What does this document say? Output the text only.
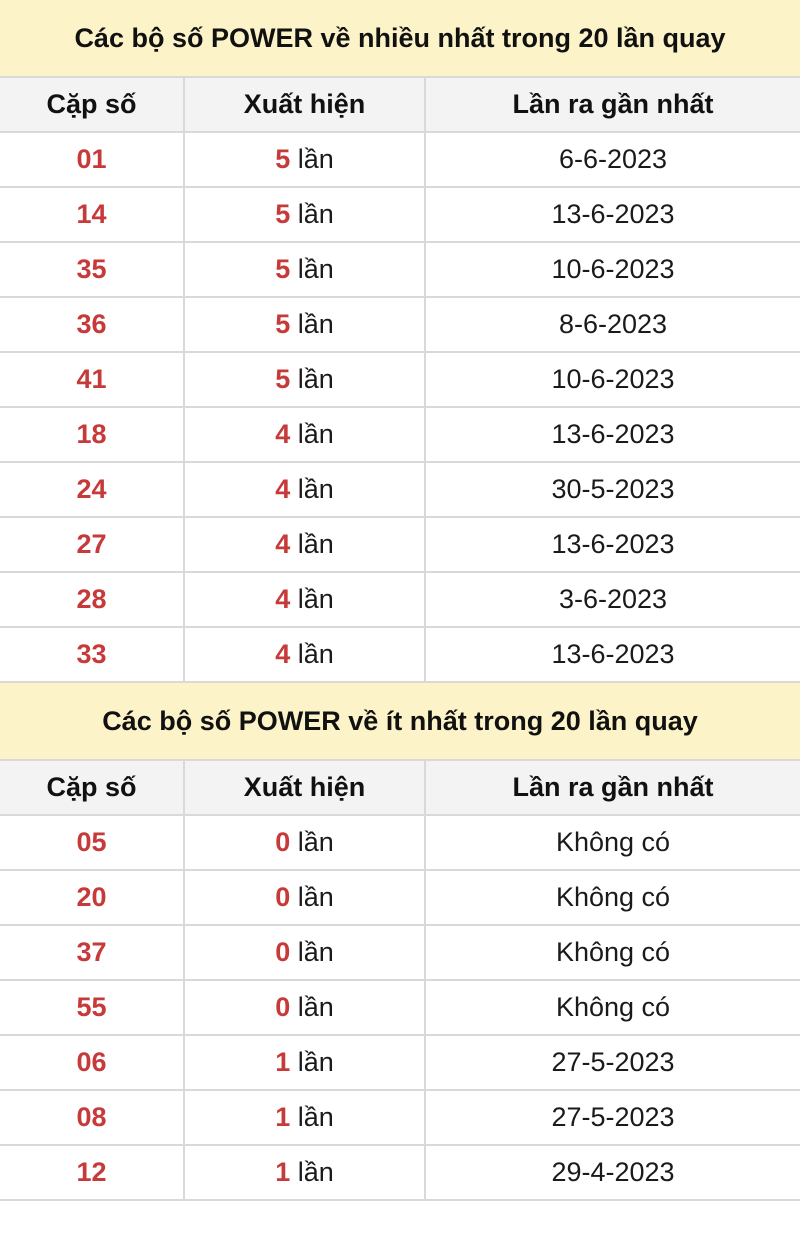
Các bộ số POWER về nhiều nhất trong 20 lần quay
Cặp số	Xuất hiện	Lần ra gần nhất
01	5 lần	6-6-2023
14	5 lần	13-6-2023
35	5 lần	10-6-2023
36	5 lần	8-6-2023
41	5 lần	10-6-2023
18	4 lần	13-6-2023
24	4 lần	30-5-2023
27	4 lần	13-6-2023
28	4 lần	3-6-2023
33	4 lần	13-6-2023
Các bộ số POWER về ít nhất trong 20 lần quay
Cặp số	Xuất hiện	Lần ra gần nhất
05	0 lần	Không có
20	0 lần	Không có
37	0 lần	Không có
55	0 lần	Không có
06	1 lần	27-5-2023
08	1 lần	27-5-2023
12	1 lần	29-4-2023
